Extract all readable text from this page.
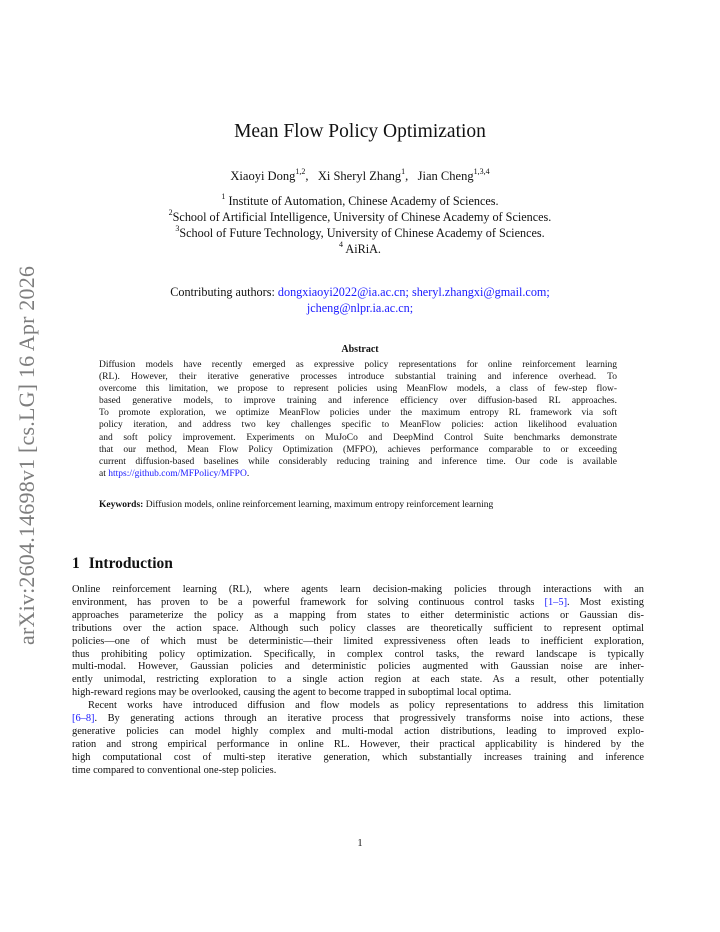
arXiv:2604.14698v1 [cs.LG] 16 Apr 2026
Mean Flow Policy Optimization
Xiaoyi Dong$^{1,2}$,   Xi Sheryl Zhang$^1$,   Jian Cheng$^{1,3,4}$
$^1$ Institute of Automation, Chinese Academy of Sciences.
$^2$School of Artificial Intelligence, University of Chinese Academy of Sciences.
$^3$School of Future Technology, University of Chinese Academy of Sciences.
$^4$ AiRiA.
Contributing authors: dongxiaoyi2022@ia.ac.cn; sheryl.zhangxi@gmail.com;
jcheng@nlpr.ia.ac.cn;
Abstract
Diffusion models have recently emerged as expressive policy representations for online reinforcement learning
(RL). However, their iterative generative processes introduce substantial training and inference overhead. To
overcome this limitation, we propose to represent policies using MeanFlow models, a class of few-step flow-
based generative models, to improve training and inference efficiency over diffusion-based RL approaches.
To promote exploration, we optimize MeanFlow policies under the maximum entropy RL framework via soft
policy iteration, and address two key challenges specific to MeanFlow policies: action likelihood evaluation
and soft policy improvement. Experiments on MuJoCo and DeepMind Control Suite benchmarks demonstrate
that our method, Mean Flow Policy Optimization (MFPO), achieves performance comparable to or exceeding
current diffusion-based baselines while considerably reducing training and inference time. Our code is available
at https://github.com/MFPolicy/MFPO.
Keywords: Diffusion models, online reinforcement learning, maximum entropy reinforcement learning
1 Introduction
Online reinforcement learning (RL), where agents learn decision-making policies through interactions with an
environment, has proven to be a powerful framework for solving continuous control tasks [1–5]. Most existing
approaches parameterize the policy as a mapping from states to either deterministic actions or Gaussian dis-
tributions over the action space. Although such policy classes are theoretically sufficient to represent optimal
policies—one of which must be deterministic—their limited expressiveness often leads to inefficient exploration,
thus prohibiting policy optimization. Specifically, in complex control tasks, the reward landscape is typically
multi-modal. However, Gaussian policies and deterministic policies augmented with Gaussian noise are inher-
ently unimodal, restricting exploration to a single action region at each state. As a result, other potentially
high-reward regions may be overlooked, causing the agent to become trapped in suboptimal local optima.
Recent works have introduced diffusion and flow models as policy representations to address this limitation
[6–8]. By generating actions through an iterative process that progressively transforms noise into actions, these
generative policies can model highly complex and multi-modal action distributions, leading to improved explo-
ration and strong empirical performance in online RL. However, their practical applicability is hindered by the
high computational cost of multi-step iterative generation, which substantially increases training and inference
time compared to conventional one-step policies.
1
